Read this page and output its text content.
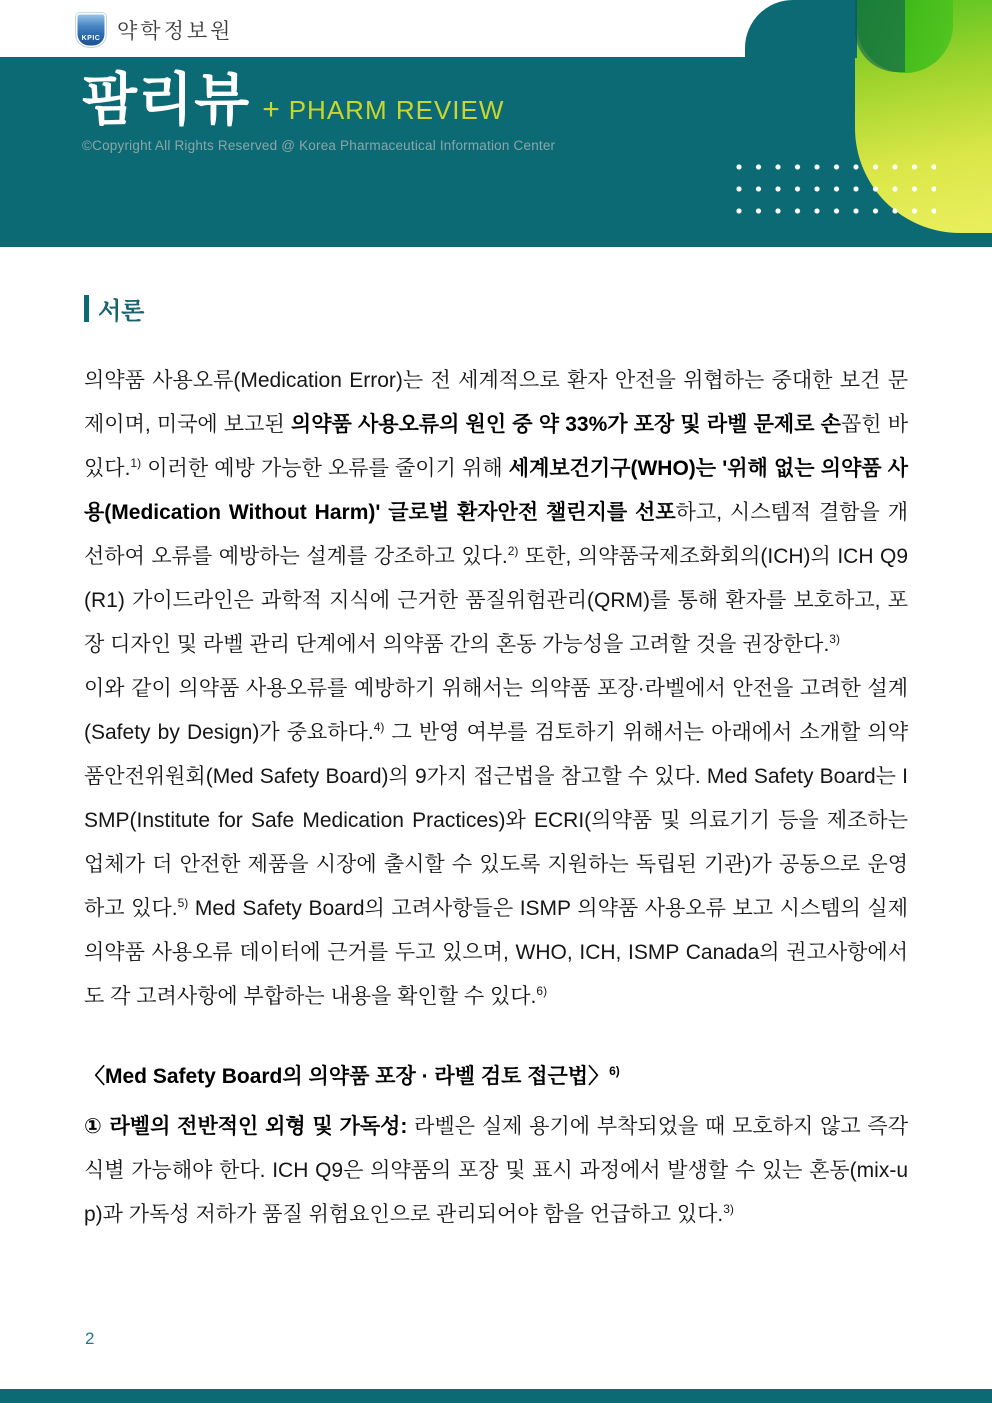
KPIC 약학정보원
팜리뷰 + PHARM REVIEW
©Copyright All Rights Reserved @ Korea Pharmaceutical Information Center
서론

의약품 사용오류(Medication Error)는 전 세계적으로 환자 안전을 위협하는 중대한 보건 문제이며, 미국에 보고된 의약품 사용오류의 원인 중 약 33%가 포장 및 라벨 문제로 손꼽힌 바 있다.$^{1)}$ 이러한 예방 가능한 오류를 줄이기 위해 세계보건기구(WHO)는 '위해 없는 의약품 사용(Medication Without Harm)' 글로벌 환자안전 챌린지를 선포하고, 시스템적 결함을 개선하여 오류를 예방하는 설계를 강조하고 있다.$^{2)}$ 또한, 의약품국제조화회의(ICH)의 ICH Q9(R1) 가이드라인은 과학적 지식에 근거한 품질위험관리(QRM)를 통해 환자를 보호하고, 포장 디자인 및 라벨 관리 단계에서 의약품 간의 혼동 가능성을 고려할 것을 권장한다.$^{3)}$

이와 같이 의약품 사용오류를 예방하기 위해서는 의약품 포장·라벨에서 안전을 고려한 설계(Safety by Design)가 중요하다.$^{4)}$ 그 반영 여부를 검토하기 위해서는 아래에서 소개할 의약품안전위원회(Med Safety Board)의 9가지 접근법을 참고할 수 있다. Med Safety Board는 ISMP(Institute for Safe Medication Practices)와 ECRI(의약품 및 의료기기 등을 제조하는 업체가 더 안전한 제품을 시장에 출시할 수 있도록 지원하는 독립된 기관)가 공동으로 운영하고 있다.$^{5)}$ Med Safety Board의 고려사항들은 ISMP 의약품 사용오류 보고 시스템의 실제 의약품 사용오류 데이터에 근거를 두고 있으며, WHO, ICH, ISMP Canada의 권고사항에서도 각 고려사항에 부합하는 내용을 확인할 수 있다.$^{6)}$

〈Med Safety Board의 의약품 포장 · 라벨 검토 접근법〉$^{6)}$

① 라벨의 전반적인 외형 및 가독성: 라벨은 실제 용기에 부착되었을 때 모호하지 않고 즉각 식별 가능해야 한다. ICH Q9은 의약품의 포장 및 표시 과정에서 발생할 수 있는 혼동(mix-up)과 가독성 저하가 품질 위험요인으로 관리되어야 함을 언급하고 있다.$^{3)}$

2
